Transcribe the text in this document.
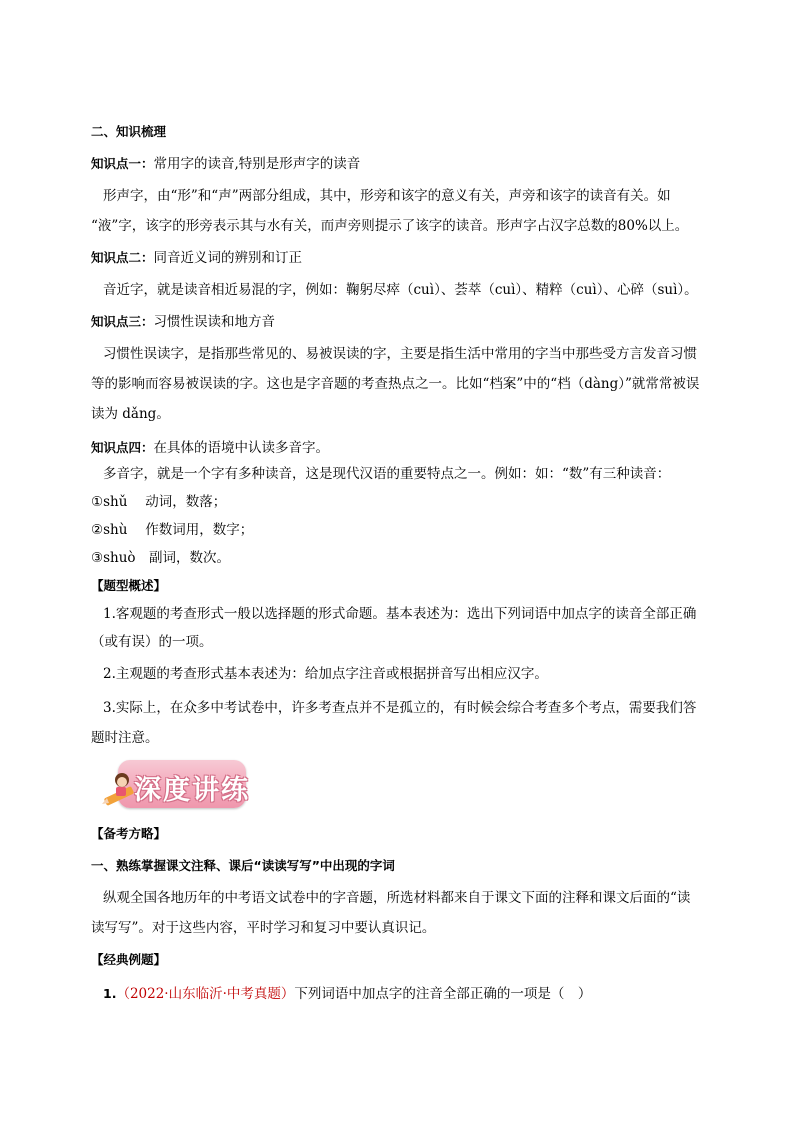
二、知识梳理
知识点一：常用字的读音,特别是形声字的读音
形声字，由“形”和“声”两部分组成，其中，形旁和该字的意义有关，声旁和该字的读音有关。如
“液”字，该字的形旁表示其与水有关，而声旁则提示了该字的读音。形声字占汉字总数的80%以上。
知识点二：同音近义词的辨别和订正
音近字，就是读音相近易混的字，例如：鞠躬尽瘁（cuì）、荟萃（cuì）、精粹（cuì）、心碎（suì）。
知识点三：习惯性误读和地方音
习惯性误读字，是指那些常见的、易被误读的字，主要是指生活中常用的字当中那些受方言发音习惯
等的影响而容易被误读的字。这也是字音题的考查热点之一。比如“档案”中的“档（dàng）”就常常被误
读为 dǎng。
知识点四：在具体的语境中认读多音字。
多音字，就是一个字有多种读音，这是现代汉语的重要特点之一。例如：如：“数”有三种读音：
①shǔ　 动词，数落；
②shù　 作数词用，数字；
③shuò　副词，数次。
【题型概述】
1.客观题的考查形式一般以选择题的形式命题。基本表述为：选出下列词语中加点字的读音全部正确
（或有误）的一项。
2.主观题的考查形式基本表述为：给加点字注音或根据拼音写出相应汉字。
3.实际上，在众多中考试卷中，许多考查点并不是孤立的，有时候会综合考查多个考点，需要我们答
题时注意。
【备考方略】
一、熟练掌握课文注释、课后“读读写写”中出现的字词
纵观全国各地历年的中考语文试卷中的字音题，所选材料都来自于课文下面的注释和课文后面的“读
读写写”。对于这些内容，平时学习和复习中要认真识记。
【经典例题】
1.（2022·山东临沂·中考真题）下列词语中加点字的注音全部正确的一项是（　）
深度讲练
